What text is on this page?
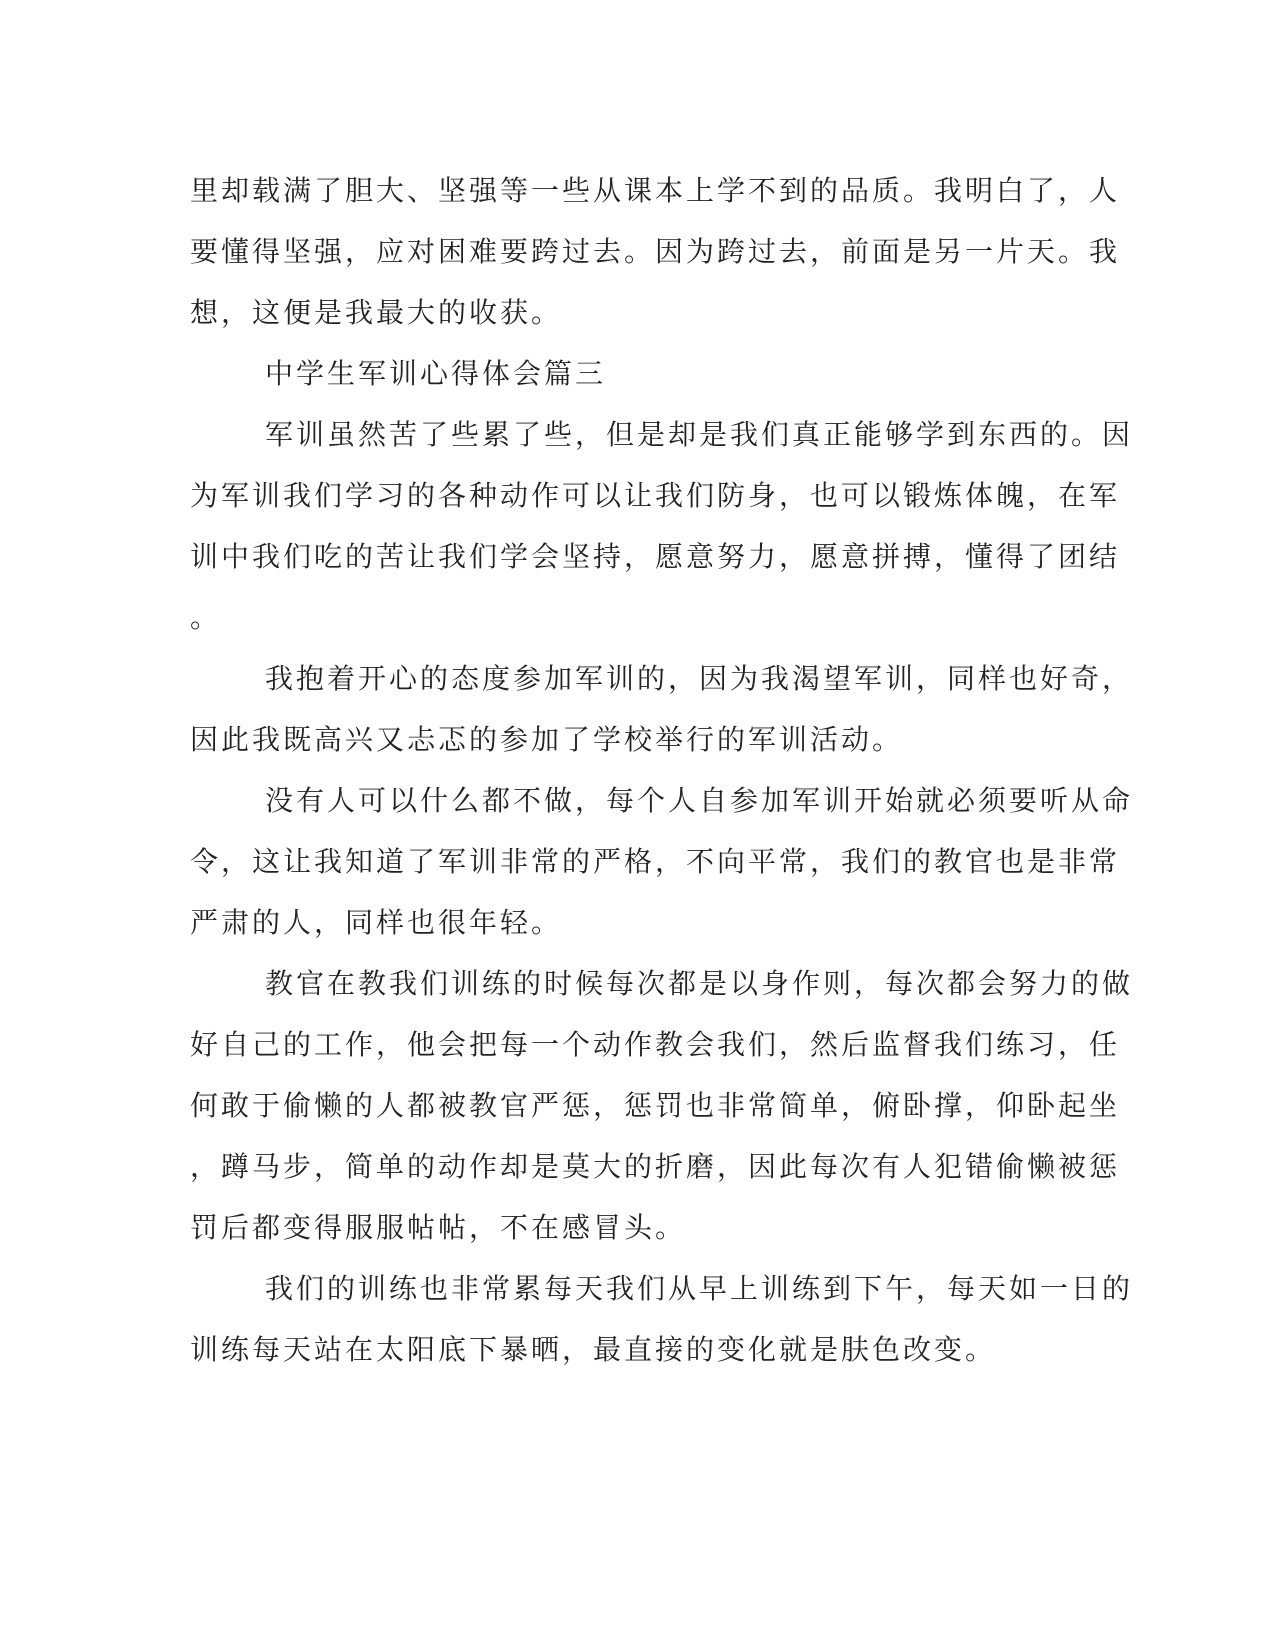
里却载满了胆大、坚强等一些从课本上学不到的品质。我明白了，人
要懂得坚强，应对困难要跨过去。因为跨过去，前面是另一片天。我
想，这便是我最大的收获。
中学生军训心得体会篇三
军训虽然苦了些累了些，但是却是我们真正能够学到东西的。因
为军训我们学习的各种动作可以让我们防身，也可以锻炼体魄，在军
训中我们吃的苦让我们学会坚持，愿意努力，愿意拼搏，懂得了团结
。
我抱着开心的态度参加军训的，因为我渴望军训，同样也好奇，
因此我既高兴又忐忑的参加了学校举行的军训活动。
没有人可以什么都不做，每个人自参加军训开始就必须要听从命
令，这让我知道了军训非常的严格，不向平常，我们的教官也是非常
严肃的人，同样也很年轻。
教官在教我们训练的时候每次都是以身作则，每次都会努力的做
好自己的工作，他会把每一个动作教会我们，然后监督我们练习，任
何敢于偷懒的人都被教官严惩，惩罚也非常简单，俯卧撑，仰卧起坐
，蹲马步，简单的动作却是莫大的折磨，因此每次有人犯错偷懒被惩
罚后都变得服服帖帖，不在感冒头。
我们的训练也非常累每天我们从早上训练到下午，每天如一日的
训练每天站在太阳底下暴晒，最直接的变化就是肤色改变。
